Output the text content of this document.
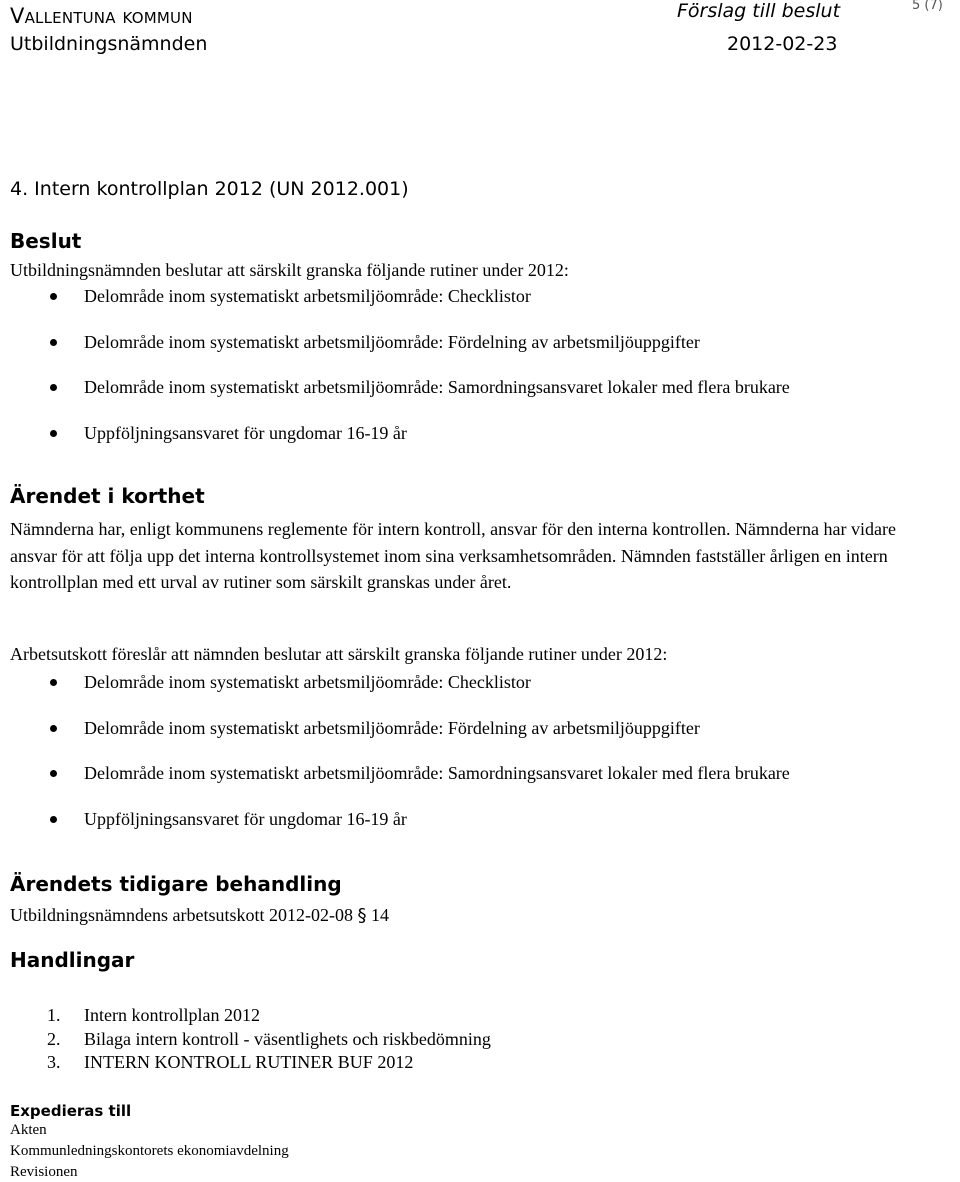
Vallentuna kommun
Utbildningsnämnden
Förslag till beslut
2012-02-23
5 (7)
4. Intern kontrollplan 2012 (UN 2012.001)
Beslut
Utbildningsnämnden beslutar att särskilt granska följande rutiner under 2012:
Delområde inom systematiskt arbetsmiljöområde: Checklistor
Delområde inom systematiskt arbetsmiljöområde: Fördelning av arbetsmiljöuppgifter
Delområde inom systematiskt arbetsmiljöområde: Samordningsansvaret lokaler med flera brukare
Uppföljningsansvaret för ungdomar 16-19 år
Ärendet i korthet
Nämnderna har, enligt kommunens reglemente för intern kontroll, ansvar för den interna kontrollen. Nämnderna har vidare ansvar för att följa upp det interna kontrollsystemet inom sina verksamhetsområden. Nämnden fastställer årligen en intern kontrollplan med ett urval av rutiner som särskilt granskas under året.
Arbetsutskott föreslår att nämnden beslutar att särskilt granska följande rutiner under 2012:
Delområde inom systematiskt arbetsmiljöområde: Checklistor
Delområde inom systematiskt arbetsmiljöområde: Fördelning av arbetsmiljöuppgifter
Delområde inom systematiskt arbetsmiljöområde: Samordningsansvaret lokaler med flera brukare
Uppföljningsansvaret för ungdomar 16-19 år
Ärendets tidigare behandling
Utbildningsnämndens arbetsutskott 2012-02-08 § 14
Handlingar
1. Intern kontrollplan 2012
2. Bilaga intern kontroll - väsentlighets och riskbedömning
3. INTERN KONTROLL RUTINER BUF 2012
Expedieras till
Akten
Kommunledningskontorets ekonomiavdelning
Revisionen
